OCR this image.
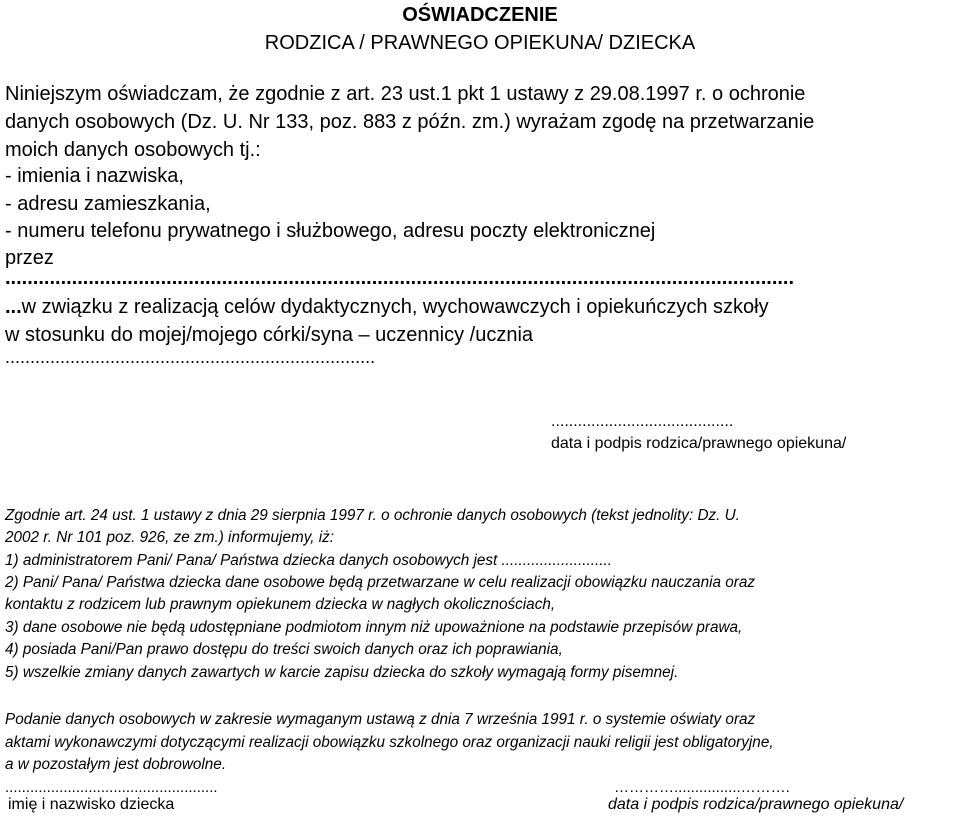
OŚWIADCZENIE
RODZICA / PRAWNEGO OPIEKUNA/ DZIECKA
Niniejszym oświadczam, że zgodnie z art. 23 ust.1 pkt 1 ustawy z 29.08.1997 r. o ochronie
danych osobowych (Dz. U. Nr 133, poz. 883 z późn. zm.) wyrażam zgodę na przetwarzanie
moich danych osobowych tj.:
- imienia i nazwiska,
- adresu zamieszkania,
- numeru telefonu prywatnego i służbowego, adresu poczty elektronicznej
przez
..............................................................................................................................................
...w związku z realizacją celów dydaktycznych, wychowawczych i opiekuńczych szkoły
w stosunku do mojej/mojego córki/syna – uczennicy /ucznia
..........................................................................
.........................................
data i podpis rodzica/prawnego opiekuna/
Zgodnie art. 24 ust. 1 ustawy z dnia 29 sierpnia 1997 r. o ochronie danych osobowych (tekst jednolity: Dz. U.
2002 r. Nr 101 poz. 926, ze zm.) informujemy, iż:
1) administratorem Pani/ Pana/ Państwa dziecka danych osobowych jest ..........................
2) Pani/ Pana/ Państwa dziecka dane osobowe będą przetwarzane w celu realizacji obowiązku nauczania oraz
kontaktu z rodzicem lub prawnym opiekunem dziecka w nagłych okolicznościach,
3) dane osobowe nie będą udostępniane podmiotom innym niż upoważnione na podstawie przepisów prawa,
4) posiada Pani/Pan prawo dostępu do treści swoich danych oraz ich poprawiania,
5) wszelkie zmiany danych zawartych w karcie zapisu dziecka do szkoły wymagają formy pisemnej.
Podanie danych osobowych w zakresie wymaganym ustawą z dnia 7 września 1991 r. o systemie oświaty oraz
aktami wykonawczymi dotyczącymi realizacji obowiązku szkolnego oraz organizacji nauki religii jest obligatoryjne,
a w pozostałym jest dobrowolne.
...................................................
imię i nazwisko dziecka
…………................……….
data i podpis rodzica/prawnego opiekuna/
